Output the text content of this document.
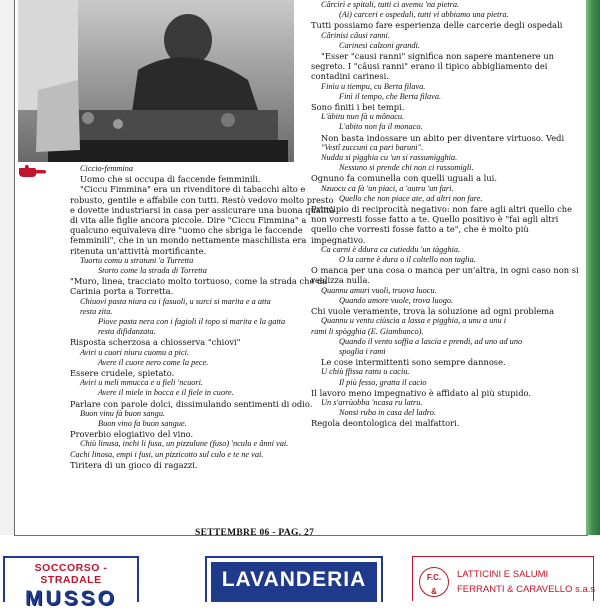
Ciccio-femmina
Uomo che si occupa di faccende femminili.
"Ciccu Fimmina" era un rivenditore di tabacchi alto e
robusto, gentile e affabile con tutti. Restò vedovo molto presto
e dovette industriarsi in casa per assicurare una buona qualità
di vita alle figlie ancora piccole. Dire "Ciccu Fimmina" a
qualcuno equivaleva dire "uomo che sbriga le faccende
femminili", che in un mondo nettamente maschilista era
ritenuta un'attività mortificante.
Tuortu comu u stratuni 'a Turretta
Storto come la strada di Torretta
"Muro, linea, tracciato molto tortuoso, come la strada che da
Carinia porta a Torretta.
Chiuovi pasta niura cu i fasuoli, u surci si marita e a atta
resta zita.
Piove pasta nera con i fagioli il topo si marita e la gatta
resta difidanzata.
Risposta scherzosa a chiosserva "chiovi"
Aviri u cuori niuru cuomu a pici.
Avere il cuore nero come la pece.
Essere crudele, spietato.
Aviri u meli mmucca e u fieli 'ncuori.
Avere il miele in bocca e il fiele in cuore.
Parlare con parole dolci, dissimulando sentimenti di odio.
Buon vinu fà buon sangu.
Buon vino fa buon sangue.
Proverbio elogiativo del vino.
Chiù linusa, inchi li fusa, un pizzulune (fuso) 'nculu e ânni vai.
Cachi linosa, empi i fusi, un pizzicotto sul culo e te ne vai.
Tiritera di un gioco di ragazzi.
Cârcirì e spitali, tutti ci avemu 'na pietra.
(Ai) carceri e ospedali, tutti vi abbiamo una pietra.
Tutti possiamo fare esperienza delle carcerie degli ospedali
Cârinisi câusi ranni.
Carinesi calzoni grandi.
"Esser "causi ranni" significa non sapere mantenere un
segreto. I "câusi ranni" erano il tipico abbigliamento dei
contadini carinesi.
Finìu u tiempu, cu Berta filava.
Finì il tempo, che Berta filava.
Sono finiti i bei tempi.
L'àbitu nun fà u mônacu.
L'abito non fa il monaco.
Non basta indossare un abito per diventare virtuoso. Vedi
"Vestî zuccuni ca pari baruni".
Nuddu si pìgghia cu 'un si rassumìgghia.
Nessuno si prende chi non ci rassomigli.
Ognuno fa comunella con quelli uguali a lui.
Nzuocu ca fà 'un piaci, a 'autru 'un fari.
Quello che non piace ate, ad altri non fare.
Principio di reciprocità negativo: non fare agli altri quello che
non vorresti fosse fatto a te. Quello positivo è "fai agli altri
quello che vorresti fosse fatto a te", che è molto più
impegnativo.
Ca carni è ddura ca cutieddu 'un tàgghia.
O la carne è dura o il coltello non taglia.
O manca per una cosa o manca per un'altra, in ogni caso non si
realizza nulla.
Quannu amuri vuoli, truova luocu.
Quando amore vuole, trova luogo.
Chi vuole veramente, trova la soluzione ad ogni problema
Quannu u ventu ciùscia a lassa e pigghia, a unu a unu i
rami li spògghia (E. Giambanco).
Quando il vento soffia a lascia e prendi, ad uno ad uno
spoglia i rami
Le cose intermittenti sono sempre dannose.
U chiù ffissa rattu u caciu.
Il più fesso, gratta il cacio
Il lavoro meno impegnativo è affidato al più stupido.
Un s'arrùobba 'ncasa ru latru.
Nonsi ruba in casa del ladro.
Regola deontologica dei malfattori.
SETTEMBRE 06 - PAG. 27
SOCCORSO - STRADALE
MUSSO
LAVANDERIA	F.C.
&
LATTICINI E SALUMI
FERRANTI & CARAVELLO s.a.s
